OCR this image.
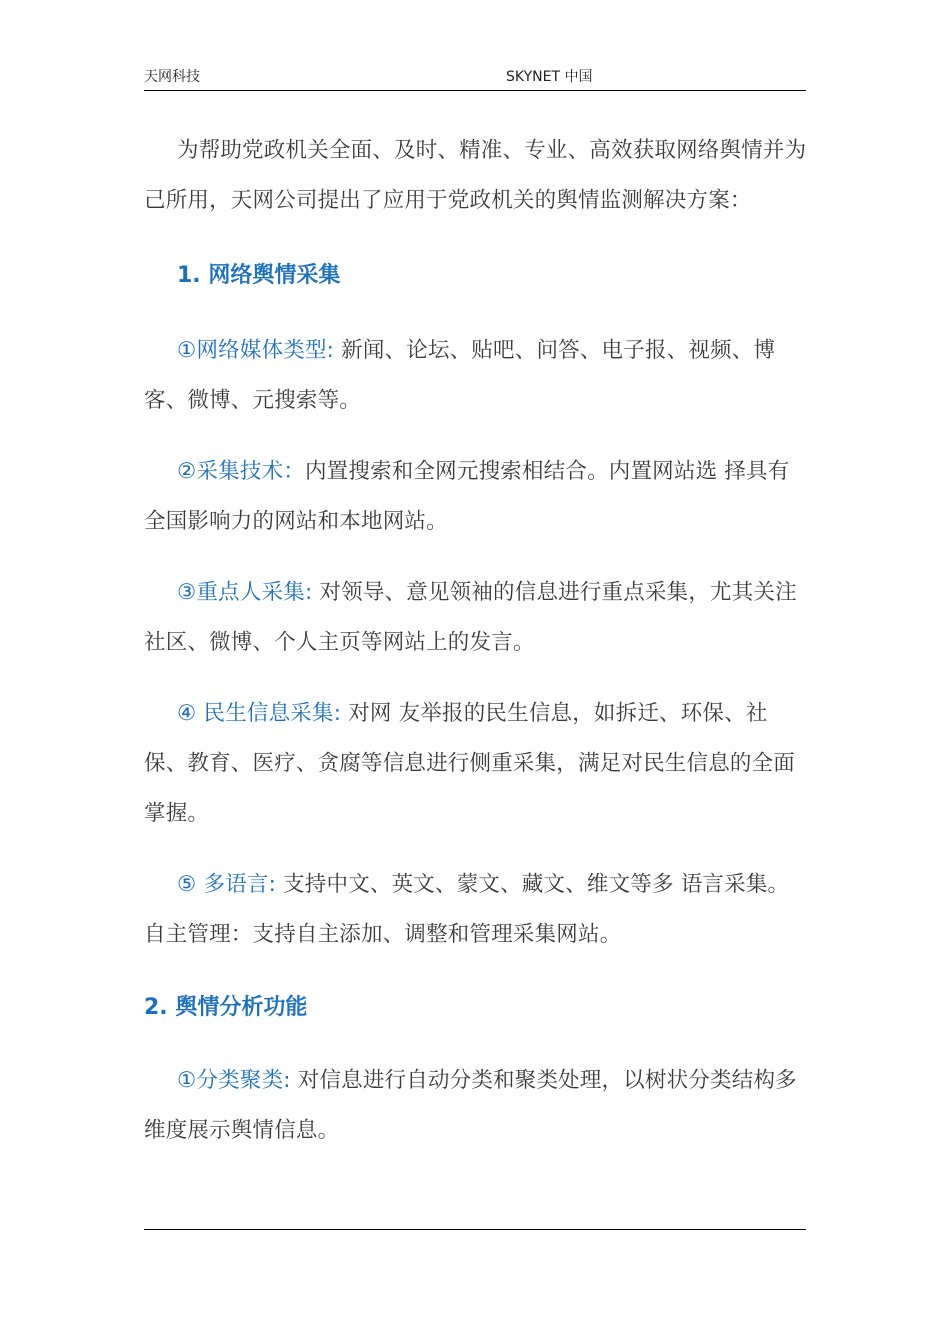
天网科技	SKYNET 中国

为帮助党政机关全面、及时、精准、专业、高效获取网络舆情并为己所用，天网公司提出了应用于党政机关的舆情监测解决方案：

1. 网络舆情采集

①网络媒体类型: 新闻、论坛、贴吧、问答、电子报、视频、博客、微博、元搜索等。

②采集技术：内置搜索和全网元搜索相结合。内置网站选 择具有全国影响力的网站和本地网站。

③重点人采集: 对领导、意见领袖的信息进行重点采集，尤其关注社区、微博、个人主页等网站上的发言。

④ 民生信息采集: 对网 友举报的民生信息，如拆迁、环保、社保、教育、医疗、贪腐等信息进行侧重采集，满足对民生信息的全面掌握。

⑤ 多语言: 支持中文、英文、蒙文、藏文、维文等多 语言采集。自主管理：支持自主添加、调整和管理采集网站。

2. 舆情分析功能

①分类聚类: 对信息进行自动分类和聚类处理，以树状分类结构多维度展示舆情信息。
